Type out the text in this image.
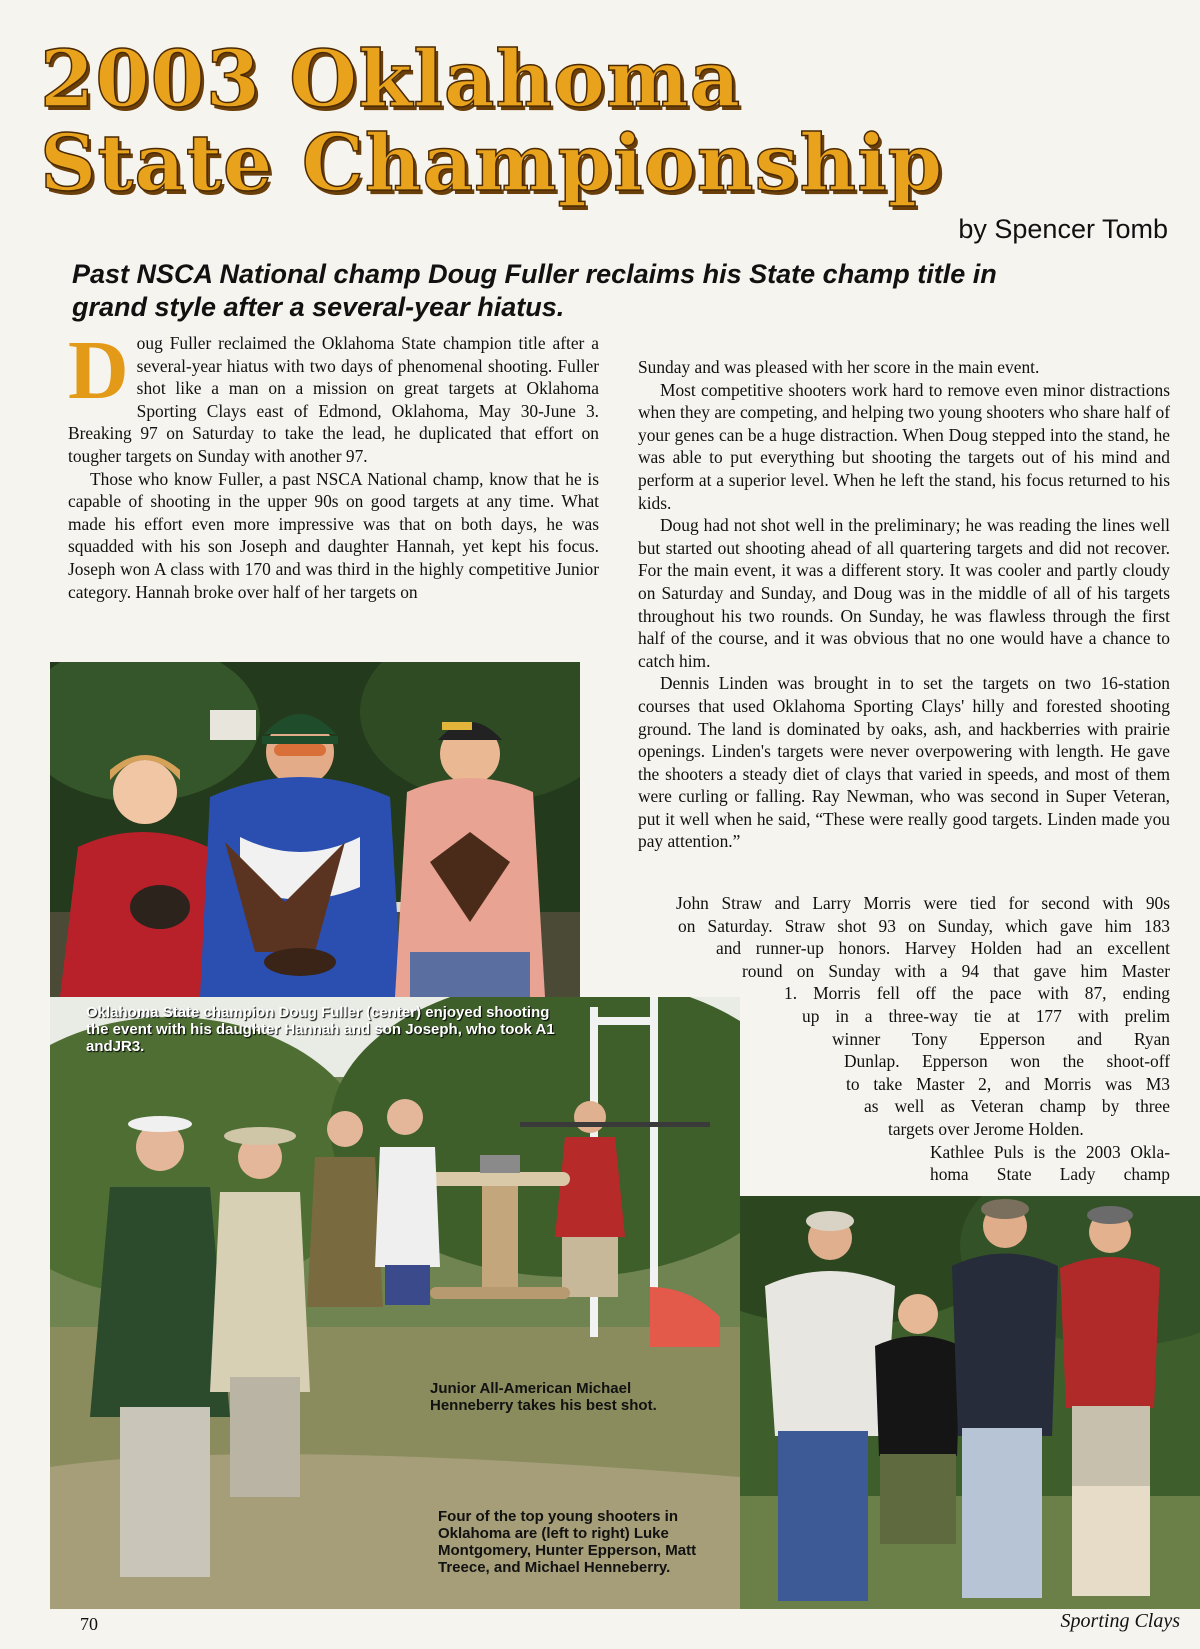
2003 Oklahoma
State Championship
by Spencer Tomb
Past NSCA National champ Doug Fuller reclaims his State champ title in grand style after a several-year hiatus.

Doug Fuller reclaimed the Oklahoma State champion title after a several-year hiatus with two days of phenomenal shooting. Fuller shot like a man on a mission on great targets at Oklahoma Sporting Clays east of Edmond, Oklahoma, May 30-June 3. Breaking 97 on Saturday to take the lead, he duplicated that effort on tougher targets on Sunday with another 97.

Those who know Fuller, a past NSCA National champ, know that he is capable of shooting in the upper 90s on good targets at any time. What made his effort even more impressive was that on both days, he was squadded with his son Joseph and daughter Hannah, yet kept his focus. Joseph won A class with 170 and was third in the highly competitive Junior category. Hannah broke over half of her targets on

Sunday and was pleased with her score in the main event.

Most competitive shooters work hard to remove even minor distractions when they are competing, and helping two young shooters who share half of your genes can be a huge distraction. When Doug stepped into the stand, he was able to put everything but shooting the targets out of his mind and perform at a superior level. When he left the stand, his focus returned to his kids.

Doug had not shot well in the preliminary; he was reading the lines well but started out shooting ahead of all quartering targets and did not recover. For the main event, it was a different story. It was cooler and partly cloudy on Saturday and Sunday, and Doug was in the middle of all of his targets throughout his two rounds. On Sunday, he was flawless through the first half of the course, and it was obvious that no one would have a chance to catch him.

Dennis Linden was brought in to set the targets on two 16-station courses that used Oklahoma Sporting Clays' hilly and forested shooting ground. The land is dominated by oaks, ash, and hackberries with prairie openings. Linden's targets were never overpowering with length. He gave the shooters a steady diet of clays that varied in speeds, and most of them were curling or falling. Ray Newman, who was second in Super Veteran, put it well when he said, “These were really good targets. Linden made you pay attention.”

John Straw and Larry Morris were tied for second with 90s
on Saturday. Straw shot 93 on Sunday, which gave him 183
and runner-up honors. Harvey Holden had an excellent
round on Sunday with a 94 that gave him Master
1. Morris fell off the pace with 87, ending
up in a three-way tie at 177 with prelim
winner Tony Epperson and Ryan
Dunlap. Epperson won the shoot-off
to take Master 2, and Morris was M3
as well as Veteran champ by three
targets over Jerome Holden.
Kathlee Puls is the 2003 Okla-
homa State Lady champ
Oklahoma State champion Doug Fuller (center) enjoyed shooting the event with his daughter Hannah and son Joseph, who took A1 andJR3.
Junior All-American Michael Henneberry takes his best shot.
Four of the top young shooters in Oklahoma are (left to right) Luke Montgomery, Hunter Epperson, Matt Treece, and Michael Henneberry.
70	Sporting Clays
